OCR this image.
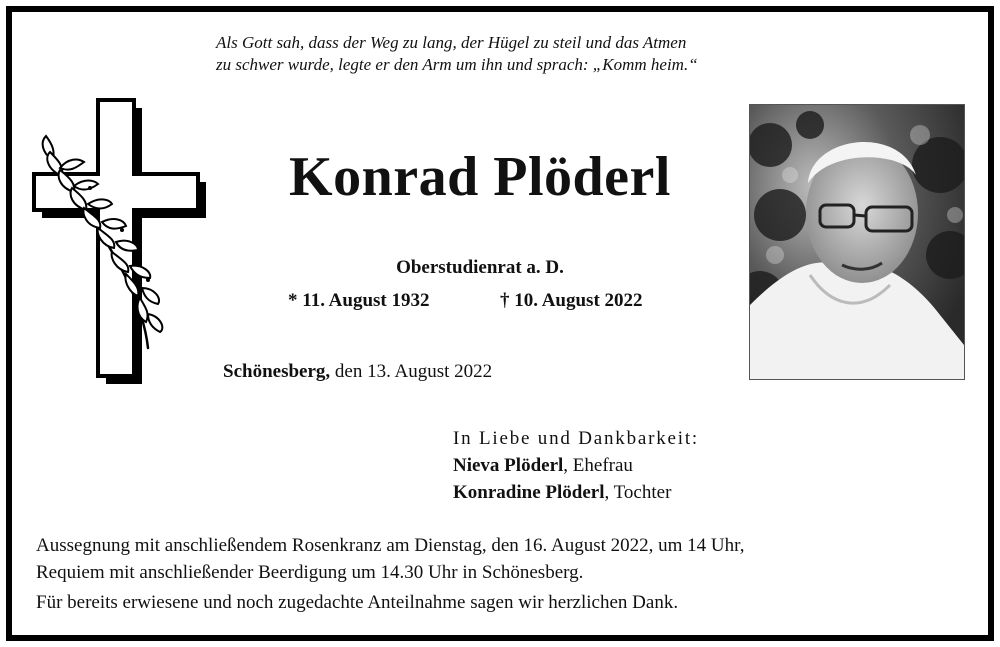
Als Gott sah, dass der Weg zu lang, der Hügel zu steil und das Atmen
zu schwer wurde, legte er den Arm um ihn und sprach: „Komm heim.“
Konrad Plöderl
Oberstudienrat a. D.
* 11. August 1932	† 10. August 2022
Schönesberg, den 13. August 2022
In Liebe und Dankbarkeit:
Nieva Plöderl, Ehefrau
Konradine Plöderl, Tochter
Aussegnung mit anschließendem Rosenkranz am Dienstag, den 16. August 2022, um 14 Uhr,
Requiem mit anschließender Beerdigung um 14.30 Uhr in Schönesberg.
Für bereits erwiesene und noch zugedachte Anteilnahme sagen wir herzlichen Dank.
